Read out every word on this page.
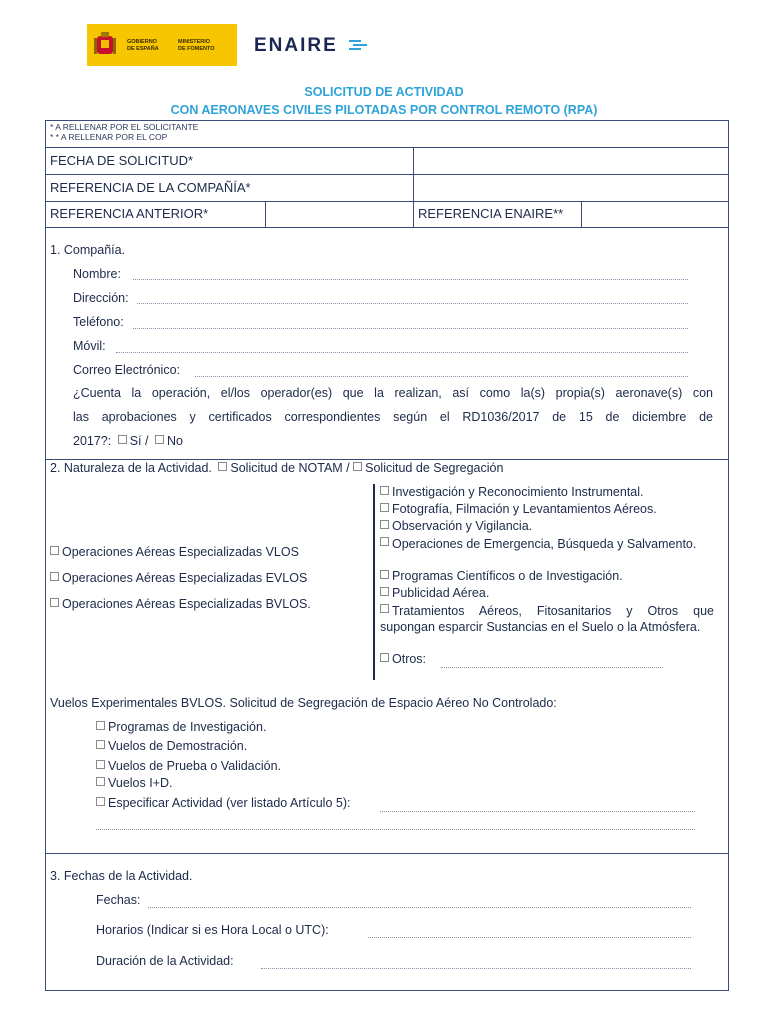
GOBIERNO
DE ESPAÑA
MINISTERIO
DE FOMENTO ENAIRE
SOLICITUD DE ACTIVIDAD
CON AERONAVES CIVILES PILOTADAS POR CONTROL REMOTO (RPA)
* A RELLENAR POR EL SOLICITANTE
* * A RELLENAR POR EL COP
FECHA DE SOLICITUD*
REFERENCIA DE LA COMPAÑÍA*
REFERENCIA ANTERIOR*	REFERENCIA ENAIRE**
1. Compañía.
Nombre:
Dirección:
Teléfono:
Móvil:
Correo Electrónico:
¿Cuenta la operación, el/los operador(es) que la realizan, así como la(s) propia(s) aeronave(s) con
las aprobaciones y certificados correspondientes según el RD1036/2017 de 15 de diciembre de
2017?: Sí / No
2. Naturaleza de la Actividad. Solicitud de NOTAM / Solicitud de Segregación
Operaciones Aéreas Especializadas VLOS
Operaciones Aéreas Especializadas EVLOS
Operaciones Aéreas Especializadas BVLOS.
Investigación y Reconocimiento Instrumental.
Fotografía, Filmación y Levantamientos Aéreos.
Observación y Vigilancia.
Operaciones de Emergencia, Búsqueda y Salvamento.
Programas Científicos o de Investigación.
Publicidad Aérea.
Tratamientos Aéreos, Fitosanitarios y Otros que supongan esparcir Sustancias en el Suelo o la Atmósfera.
Otros:
Vuelos Experimentales BVLOS. Solicitud de Segregación de Espacio Aéreo No Controlado:
Programas de Investigación.
Vuelos de Demostración.
Vuelos de Prueba o Validación.
Vuelos I+D.
Especificar Actividad (ver listado Artículo 5):
3. Fechas de la Actividad.
Fechas:
Horarios (Indicar si es Hora Local o UTC):
Duración de la Actividad:
